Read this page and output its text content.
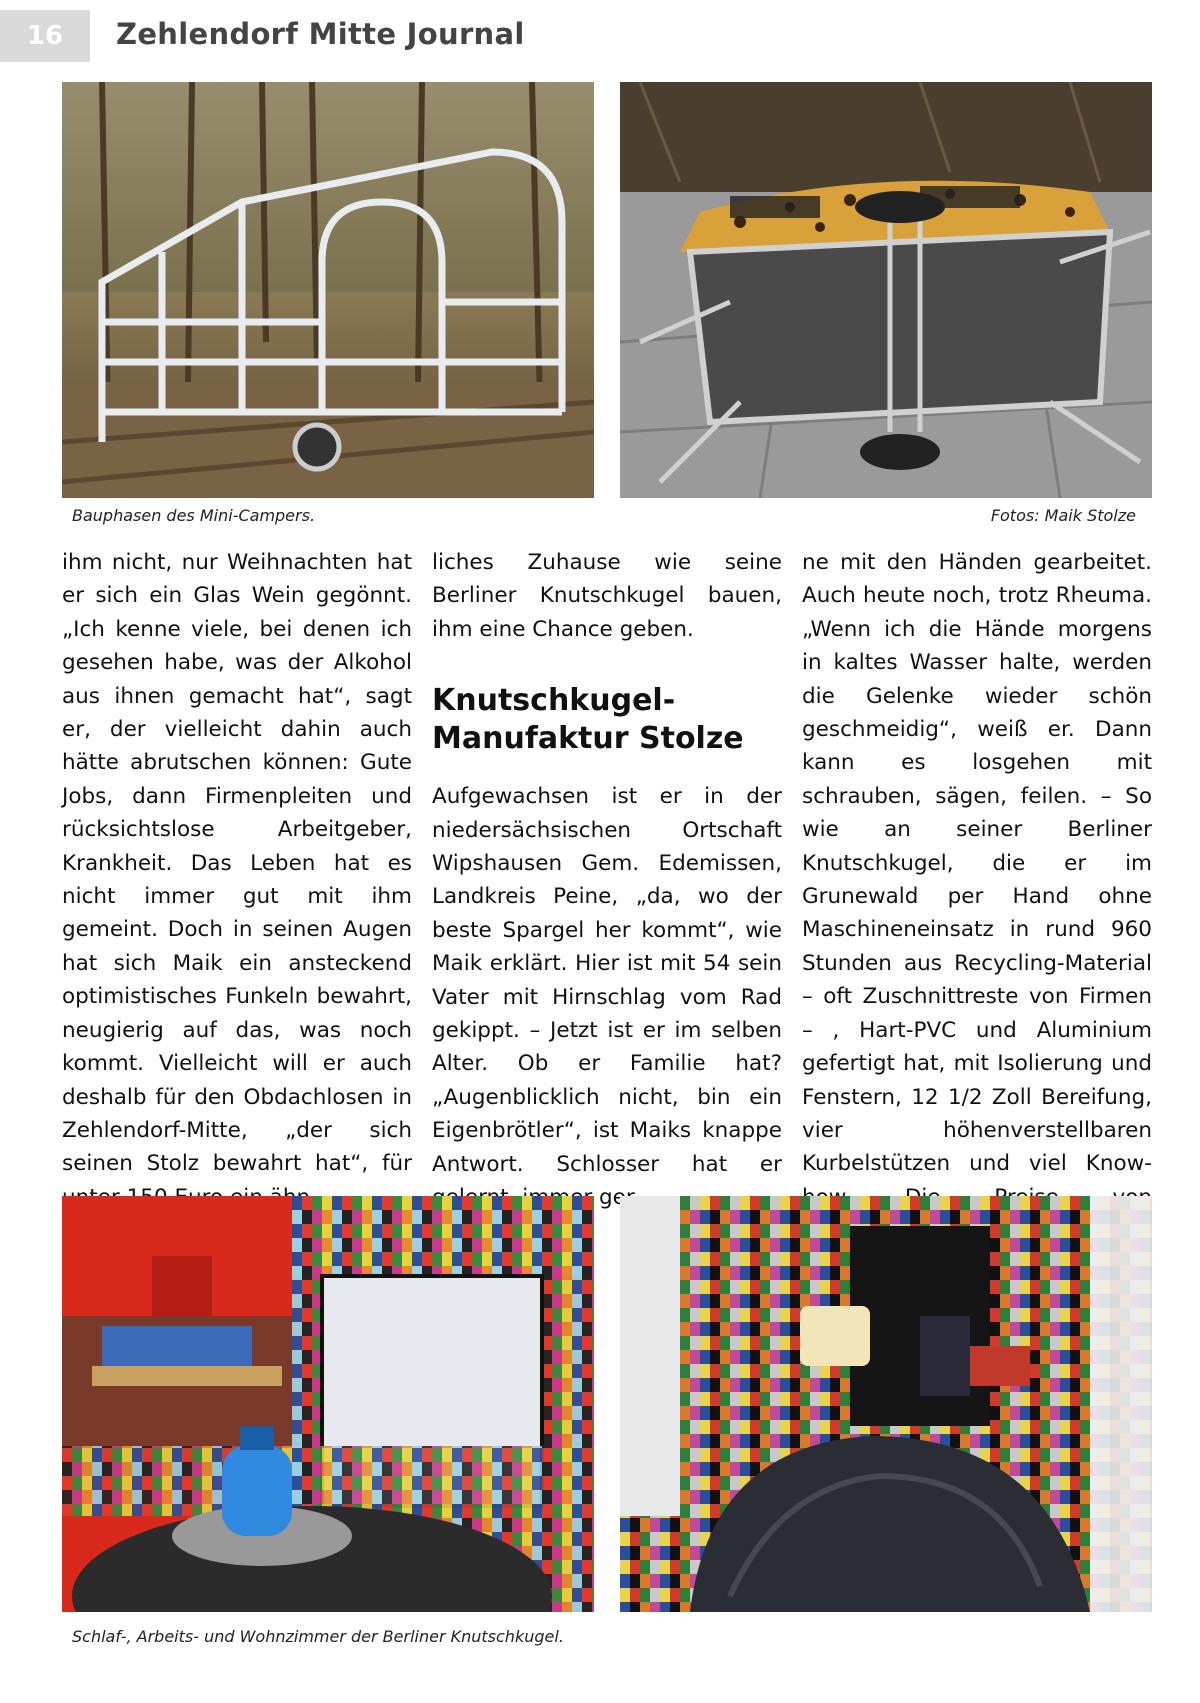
16	Zehlendorf Mitte Journal
Bauphasen des Mini-Campers.	Fotos: Maik Stolze

ihm nicht, nur Weihnachten hat er sich ein Glas Wein gegönnt. „Ich kenne viele, bei denen ich gesehen habe, was der Alkohol aus ihnen gemacht hat“, sagt er, der vielleicht dahin auch hätte abrutschen können: Gute Jobs, dann Firmenpleiten und rücksichtslose Arbeitgeber, Krankheit. Das Leben hat es nicht immer gut mit ihm gemeint. Doch in seinen Augen hat sich Maik ein ansteckend optimistisches Funkeln bewahrt, neugierig auf das, was noch kommt. Vielleicht will er auch deshalb für den Obdachlosen in Zehlendorf-Mitte, „der sich seinen Stolz bewahrt hat“, für

liches Zuhause wie seine Berliner Knutschkugel bauen, ihm eine Chance geben.

Knutschkugel-Manufaktur Stolze

Aufgewachsen ist er in der niedersächsischen Ortschaft Wipshausen Gem. Edemissen, Landkreis Peine, „da, wo der beste Spargel her kommt“, wie Maik erklärt. Hier ist mit 54 sein Vater mit Hirnschlag vom Rad gekippt. – Jetzt ist er im selben Alter. Ob er Familie hat? „Augenblicklich nicht, bin ein Eigenbrötler“, ist Maiks knappe Antwort. Schlosser hat er

ne mit den Händen gearbeitet. Auch heute noch, trotz Rheuma. „Wenn ich die Hände morgens in kaltes Wasser halte, werden die Gelenke wieder schön geschmeidig“, weiß er. Dann kann es losgehen mit schrauben, sägen, feilen. – So wie an seiner Berliner Knutschkugel, die er im Grunewald per Hand ohne Maschineneinsatz in rund 960 Stunden aus Recycling-Material – oft Zuschnittreste von Firmen – , Hart-PVC und Aluminium gefertigt hat, mit Isolierung und Fenstern, 12 1/2 Zoll Bereifung, vier höhenverstellbaren Kurbelstützen und viel Know-

Schlaf-, Arbeits- und Wohnzimmer der Berliner Knutschkugel.
